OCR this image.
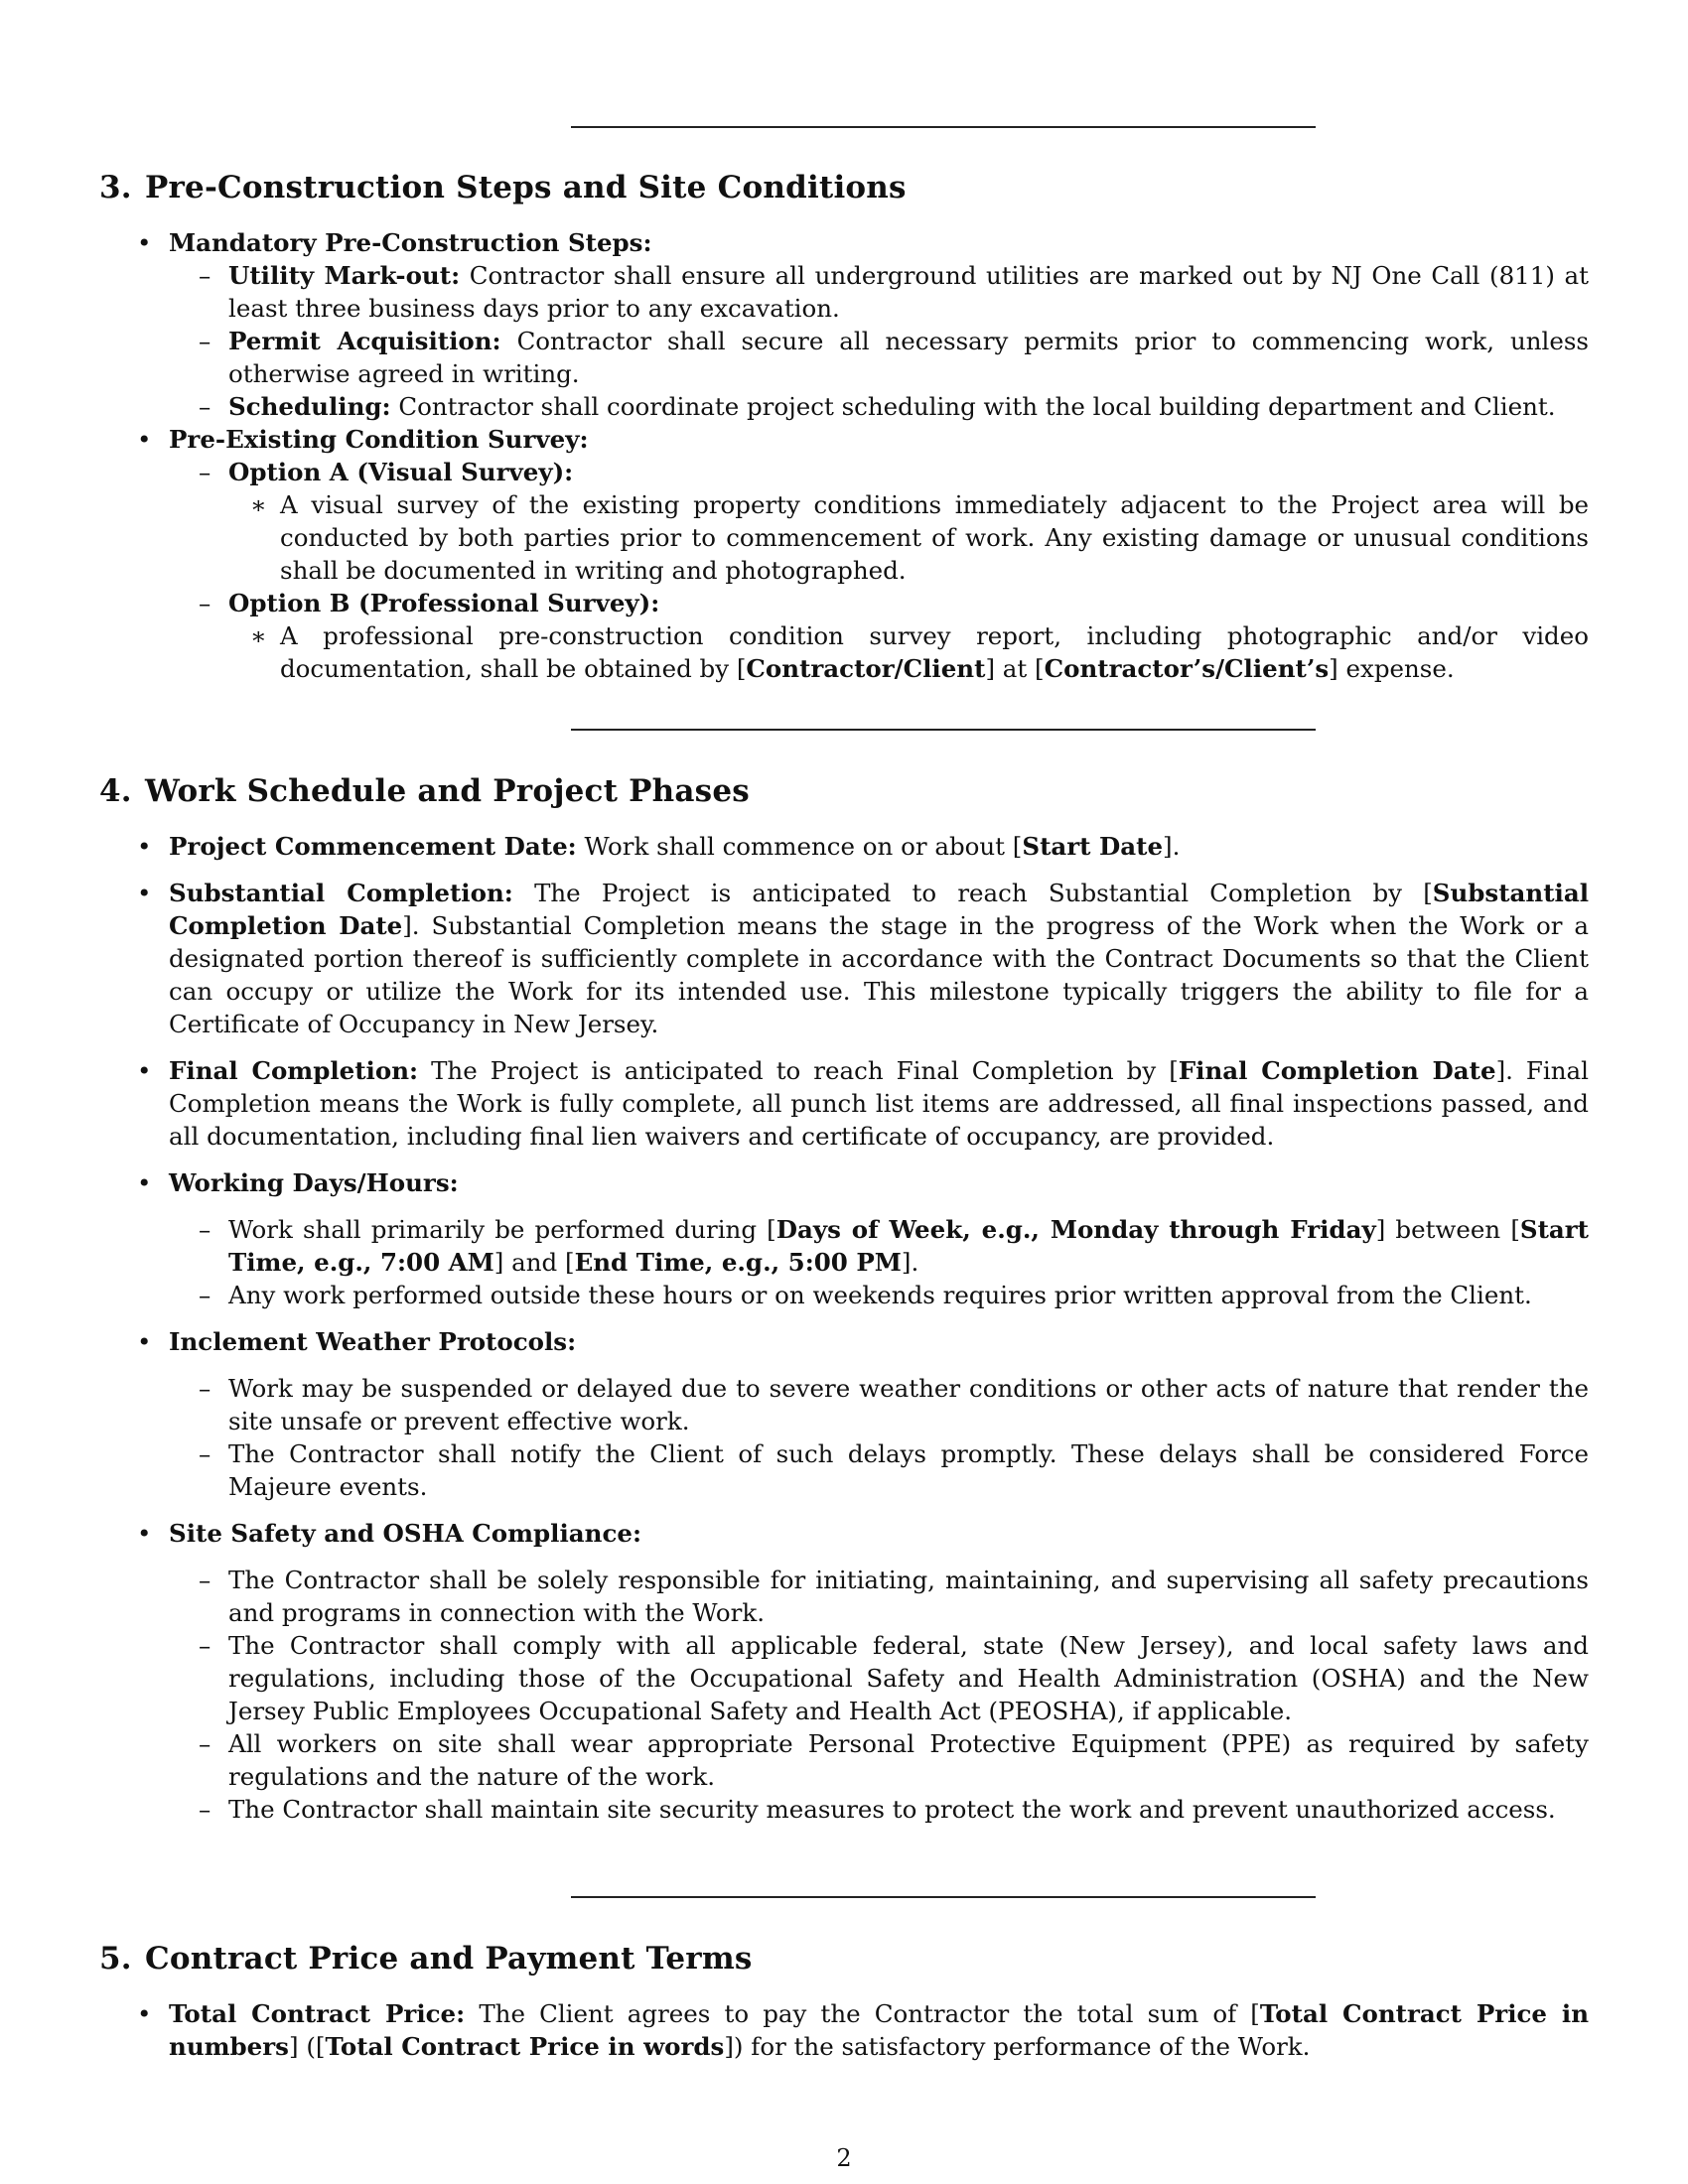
3. Pre-Construction Steps and Site Conditions
• Mandatory Pre-Construction Steps:
– Utility Mark-out: Contractor shall ensure all underground utilities are marked out by NJ One Call (811) at least three business days prior to any excavation.
– Permit Acquisition: Contractor shall secure all necessary permits prior to commencing work, unless otherwise agreed in writing.
– Scheduling: Contractor shall coordinate project scheduling with the local building department and Client.
• Pre-Existing Condition Survey:
– Option A (Visual Survey):
∗ A visual survey of the existing property conditions immediately adjacent to the Project area will be conducted by both parties prior to commencement of work. Any existing damage or unusual conditions shall be documented in writing and photographed.
– Option B (Professional Survey):
∗ A professional pre-construction condition survey report, including photographic and/or video documentation, shall be obtained by [Contractor/Client] at [Contractor’s/Client’s] expense.
4. Work Schedule and Project Phases
• Project Commencement Date: Work shall commence on or about [Start Date].
• Substantial Completion: The Project is anticipated to reach Substantial Completion by [Substantial Completion Date]. Substantial Completion means the stage in the progress of the Work when the Work or a designated portion thereof is sufficiently complete in accordance with the Contract Documents so that the Client can occupy or utilize the Work for its intended use. This milestone typically triggers the ability to file for a Certificate of Occupancy in New Jersey.
• Final Completion: The Project is anticipated to reach Final Completion by [Final Completion Date]. Final Completion means the Work is fully complete, all punch list items are addressed, all final inspections passed, and all documentation, including final lien waivers and certificate of occupancy, are provided.
• Working Days/Hours:
– Work shall primarily be performed during [Days of Week, e.g., Monday through Friday] between [Start Time, e.g., 7:00 AM] and [End Time, e.g., 5:00 PM].
– Any work performed outside these hours or on weekends requires prior written approval from the Client.
• Inclement Weather Protocols:
– Work may be suspended or delayed due to severe weather conditions or other acts of nature that render the site unsafe or prevent effective work.
– The Contractor shall notify the Client of such delays promptly. These delays shall be considered Force Majeure events.
• Site Safety and OSHA Compliance:
– The Contractor shall be solely responsible for initiating, maintaining, and supervising all safety precautions and programs in connection with the Work.
– The Contractor shall comply with all applicable federal, state (New Jersey), and local safety laws and regulations, including those of the Occupational Safety and Health Administration (OSHA) and the New Jersey Public Employees Occupational Safety and Health Act (PEOSHA), if applicable.
– All workers on site shall wear appropriate Personal Protective Equipment (PPE) as required by safety regulations and the nature of the work.
– The Contractor shall maintain site security measures to protect the work and prevent unauthorized access.
5. Contract Price and Payment Terms
• Total Contract Price: The Client agrees to pay the Contractor the total sum of [Total Contract Price in numbers] ([Total Contract Price in words]) for the satisfactory performance of the Work.
2
